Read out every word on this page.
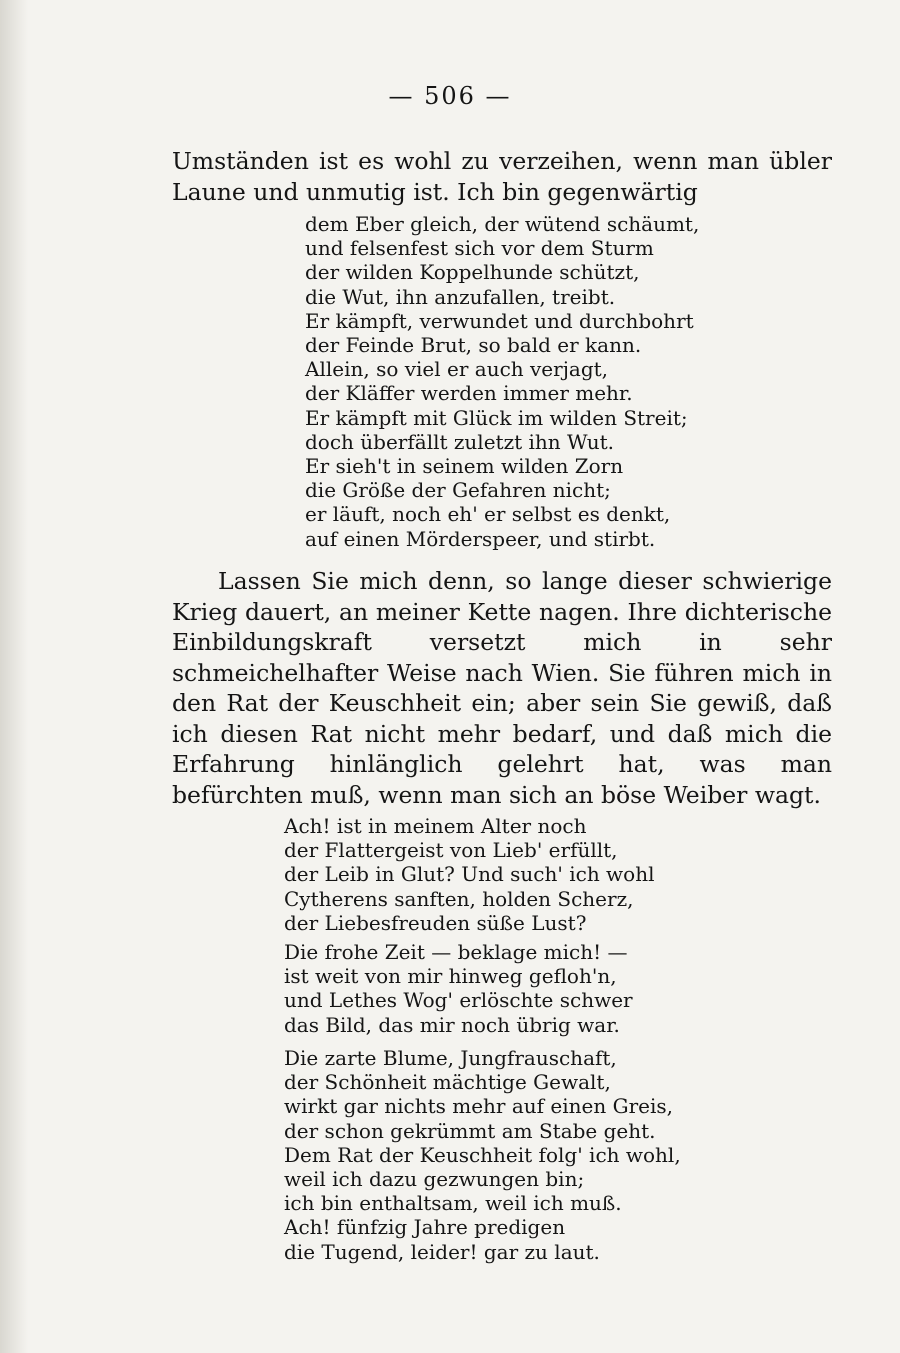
— 506 —

Umständen ist es wohl zu verzeihen, wenn man übler Laune und unmutig ist. Ich bin gegenwärtig

dem Eber gleich, der wütend schäumt,
und felsenfest sich vor dem Sturm
der wilden Koppelhunde schützt,
die Wut, ihn anzufallen, treibt.
Er kämpft, verwundet und durchbohrt
der Feinde Brut, so bald er kann.
Allein, so viel er auch verjagt,
der Kläffer werden immer mehr.
Er kämpft mit Glück im wilden Streit;
doch überfällt zuletzt ihn Wut.
Er sieh't in seinem wilden Zorn
die Größe der Gefahren nicht;
er läuft, noch eh' er selbst es denkt,
auf einen Mörderspeer, und stirbt.

Lassen Sie mich denn, so lange dieser schwierige Krieg dauert, an meiner Kette nagen. Ihre dichterische Einbildungskraft versetzt mich in sehr schmeichelhafter Weise nach Wien. Sie führen mich in den Rat der Keuschheit ein; aber sein Sie gewiß, daß ich diesen Rat nicht mehr bedarf, und daß mich die Erfahrung hinlänglich gelehrt hat, was man befürchten muß, wenn man sich an böse Weiber wagt.

Ach! ist in meinem Alter noch
der Flattergeist von Lieb' erfüllt,
der Leib in Glut? Und such' ich wohl
Cytherens sanften, holden Scherz,
der Liebesfreuden süße Lust?
Die frohe Zeit — beklage mich! —
ist weit von mir hinweg gefloh'n,
und Lethes Wog' erlöschte schwer
das Bild, das mir noch übrig war.
Die zarte Blume, Jungfrauschaft,
der Schönheit mächtige Gewalt,
wirkt gar nichts mehr auf einen Greis,
der schon gekrümmt am Stabe geht.
Dem Rat der Keuschheit folg' ich wohl,
weil ich dazu gezwungen bin;
ich bin enthaltsam, weil ich muß.
Ach! fünfzig Jahre predigen
die Tugend, leider! gar zu laut.
